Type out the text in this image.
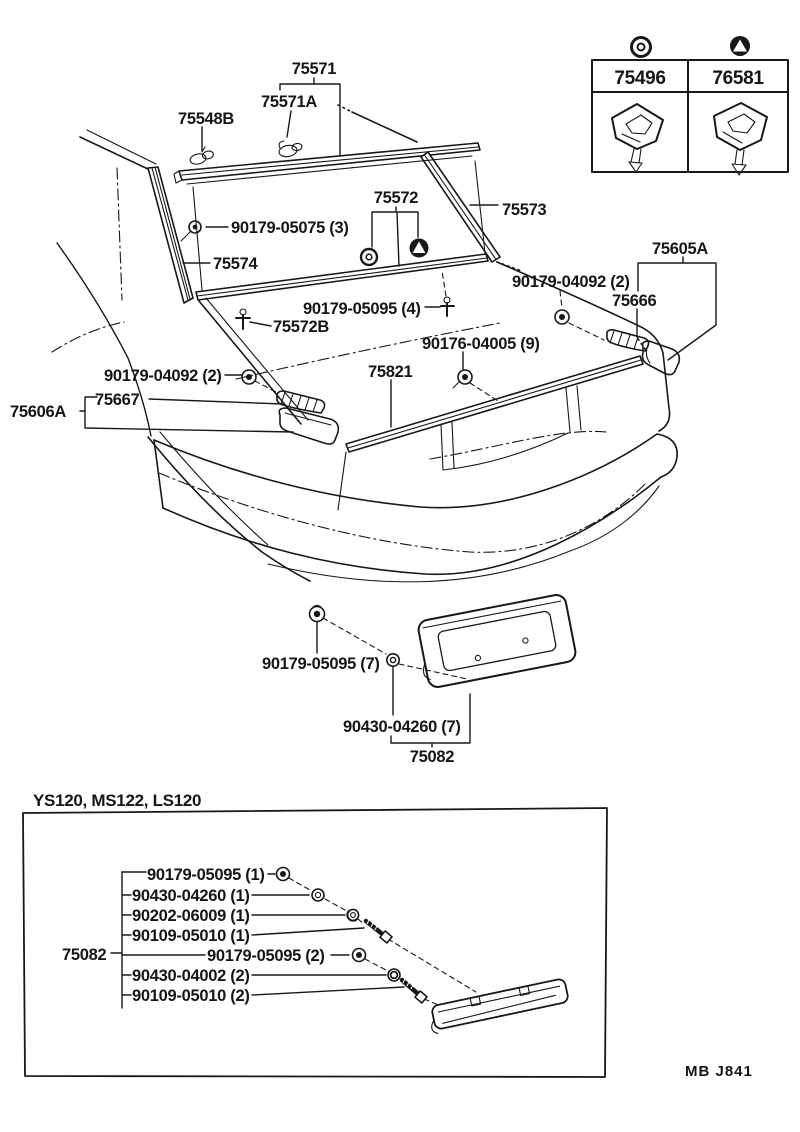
75496 76581
75571
75571A
75548B
75572
75573
90179-05075 (3)
75574
75605A
90179-04092 (2)
75666
90179-05095 (4)
75572B
90176-04005 (9)
75821
90179-04092 (2)
75667
75606A
90179-05095 (7)
90430-04260 (7)
75082
YS120, MS122, LS120
90179-05095 (1)
90430-04260 (1)
90202-06009 (1)
90109-05010 (1)
75082	90179-05095 (2)
90430-04002 (2)
90109-05010 (2)
MB J841
